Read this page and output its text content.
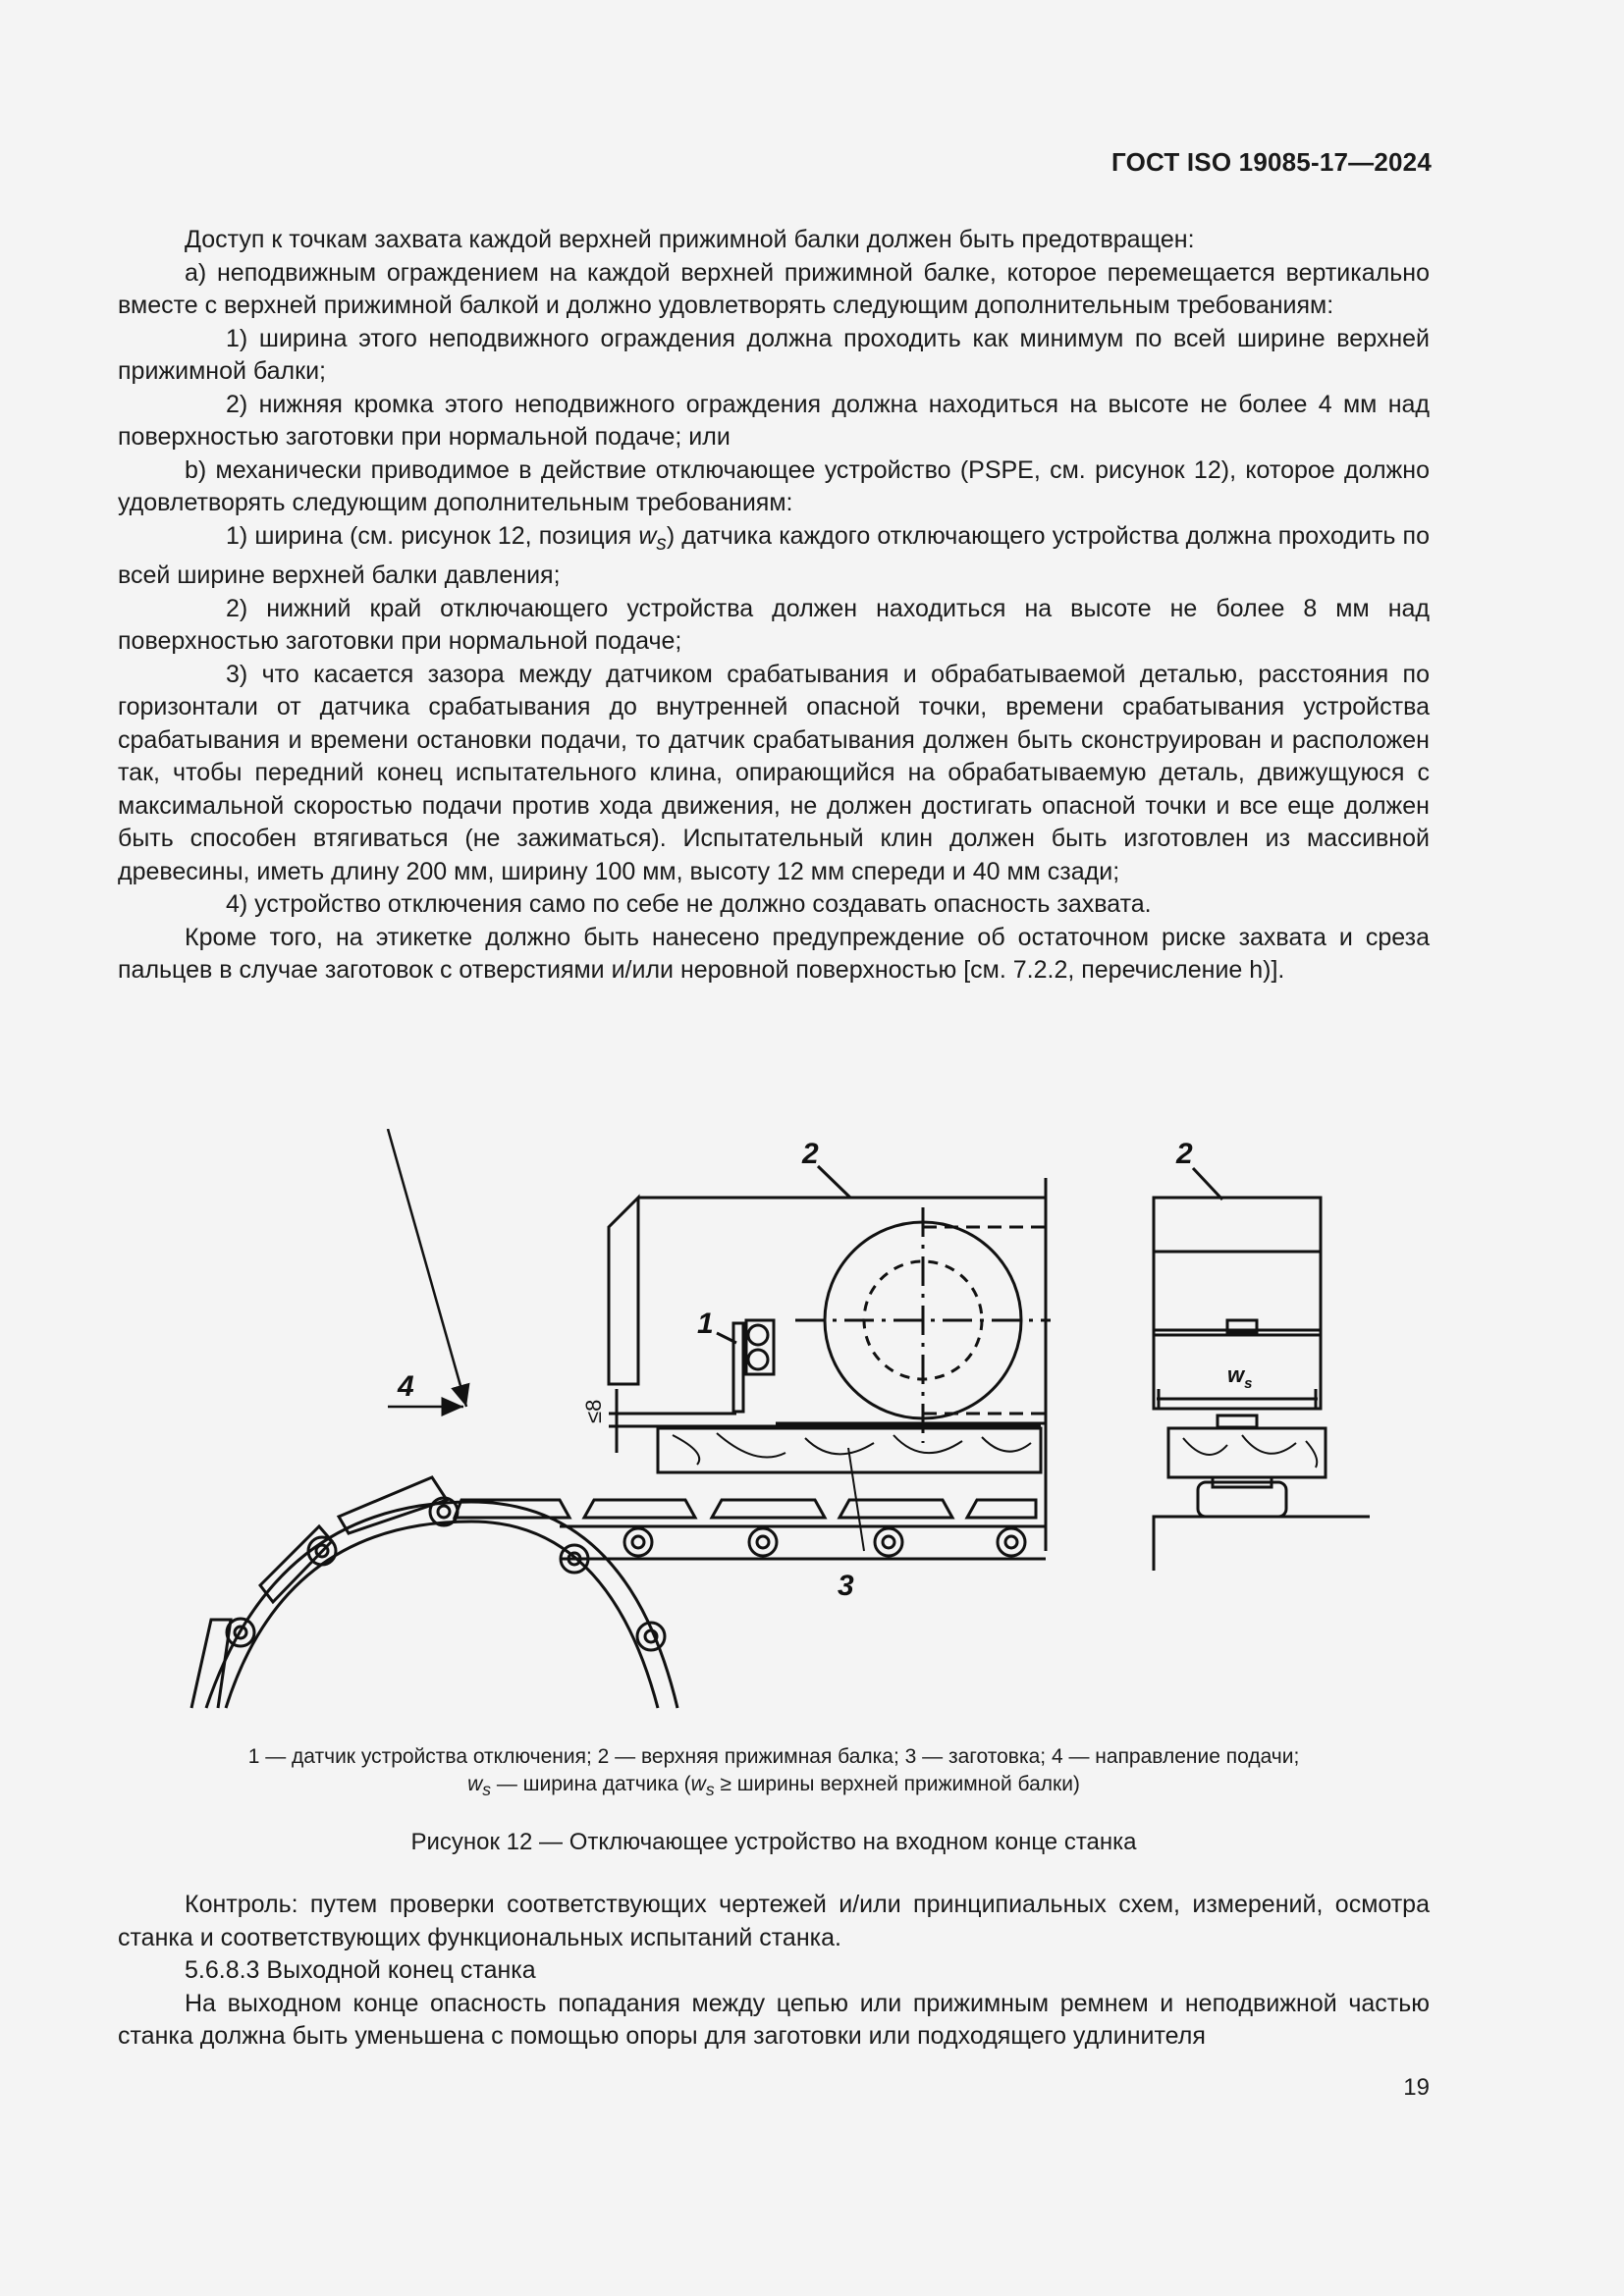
ГОСТ ISO 19085-17—2024

Доступ к точкам захвата каждой верхней прижимной балки должен быть предотвращен:

а) неподвижным ограждением на каждой верхней прижимной балке, которое перемещается вертикально вместе с верхней прижимной балкой и должно удовлетворять следующим дополнительным требованиям:

1) ширина этого неподвижного ограждения должна проходить как минимум по всей ширине верхней прижимной балки;

2) нижняя кромка этого неподвижного ограждения должна находиться на высоте не более 4 мм над поверхностью заготовки при нормальной подаче; или

b) механически приводимое в действие отключающее устройство (PSPE, см. рисунок 12), которое должно удовлетворять следующим дополнительным требованиям:

1) ширина (см. рисунок 12, позиция $w_s$) датчика каждого отключающего устройства должна проходить по всей ширине верхней балки давления;

2) нижний край отключающего устройства должен находиться на высоте не более 8 мм над поверхностью заготовки при нормальной подаче;

3) что касается зазора между датчиком срабатывания и обрабатываемой деталью, расстояния по горизонтали от датчика срабатывания до внутренней опасной точки, времени срабатывания устройства срабатывания и времени остановки подачи, то датчик срабатывания должен быть сконструирован и расположен так, чтобы передний конец испытательного клина, опирающийся на обрабатываемую деталь, движущуюся с максимальной скоростью подачи против хода движения, не должен достигать опасной точки и все еще должен быть способен втягиваться (не зажиматься). Испытательный клин должен быть изготовлен из массивной древесины, иметь длину 200 мм, ширину 100 мм, высоту 12 мм спереди и 40 мм сзади;

4) устройство отключения само по себе не должно создавать опасность захвата.

Кроме того, на этикетке должно быть нанесено предупреждение об остаточном риске захвата и среза пальцев в случае заготовок с отверстиями и/или неровной поверхностью [см. 7.2.2, перечисление h)].

2	2
1
3
4
≤8
$w_s$
1 — датчик устройства отключения; 2 — верхняя прижимная балка; 3 — заготовка; 4 — направление подачи;
$w_s$ — ширина датчика ($w_s$ ≥ ширины верхней прижимной балки)
Рисунок 12 — Отключающее устройство на входном конце станка

Контроль: путем проверки соответствующих чертежей и/или принципиальных схем, измерений, осмотра станка и соответствующих функциональных испытаний станка.

5.6.8.3 Выходной конец станка

На выходном конце опасность попадания между цепью или прижимным ремнем и неподвижной частью станка должна быть уменьшена с помощью опоры для заготовки или подходящего удлинителя

19
